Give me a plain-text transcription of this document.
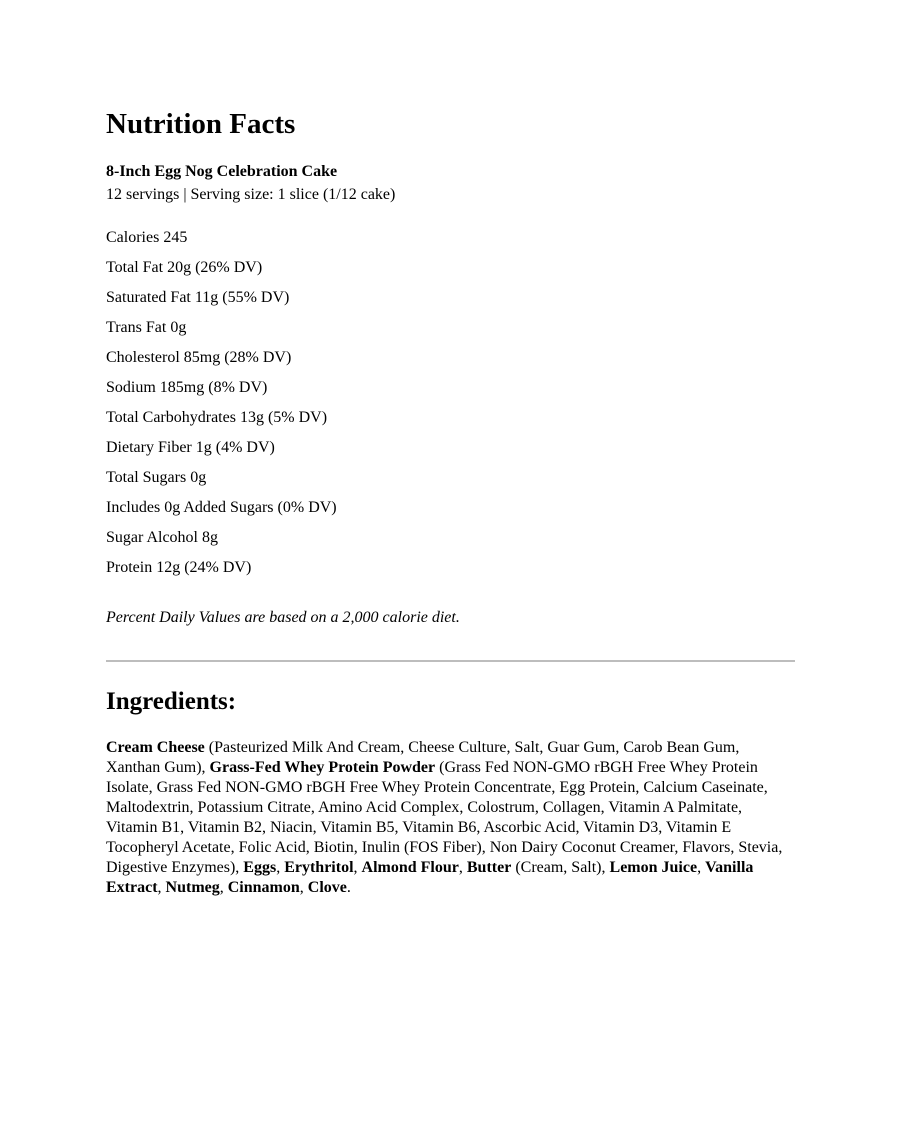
Nutrition Facts
8-Inch Egg Nog Celebration Cake
12 servings | Serving size: 1 slice (1/12 cake)
Calories 245
Total Fat 20g (26% DV)
Saturated Fat 11g (55% DV)
Trans Fat 0g
Cholesterol 85mg (28% DV)
Sodium 185mg (8% DV)
Total Carbohydrates 13g (5% DV)
Dietary Fiber 1g (4% DV)
Total Sugars 0g
Includes 0g Added Sugars (0% DV)
Sugar Alcohol 8g
Protein 12g (24% DV)
Percent Daily Values are based on a 2,000 calorie diet.
Ingredients:

Cream Cheese (Pasteurized Milk And Cream, Cheese Culture, Salt, Guar Gum, Carob Bean Gum, Xanthan Gum), Grass-Fed Whey Protein Powder (Grass Fed NON-GMO rBGH Free Whey Protein Isolate, Grass Fed NON-GMO rBGH Free Whey Protein Concentrate, Egg Protein, Calcium Caseinate, Maltodextrin, Potassium Citrate, Amino Acid Complex, Colostrum, Collagen, Vitamin A Palmitate, Vitamin B1, Vitamin B2, Niacin, Vitamin B5, Vitamin B6, Ascorbic Acid, Vitamin D3, Vitamin E Tocopheryl Acetate, Folic Acid, Biotin, Inulin (FOS Fiber), Non Dairy Coconut Creamer, Flavors, Stevia, Digestive Enzymes), Eggs, Erythritol, Almond Flour, Butter (Cream, Salt), Lemon Juice, Vanilla Extract, Nutmeg, Cinnamon, Clove.
